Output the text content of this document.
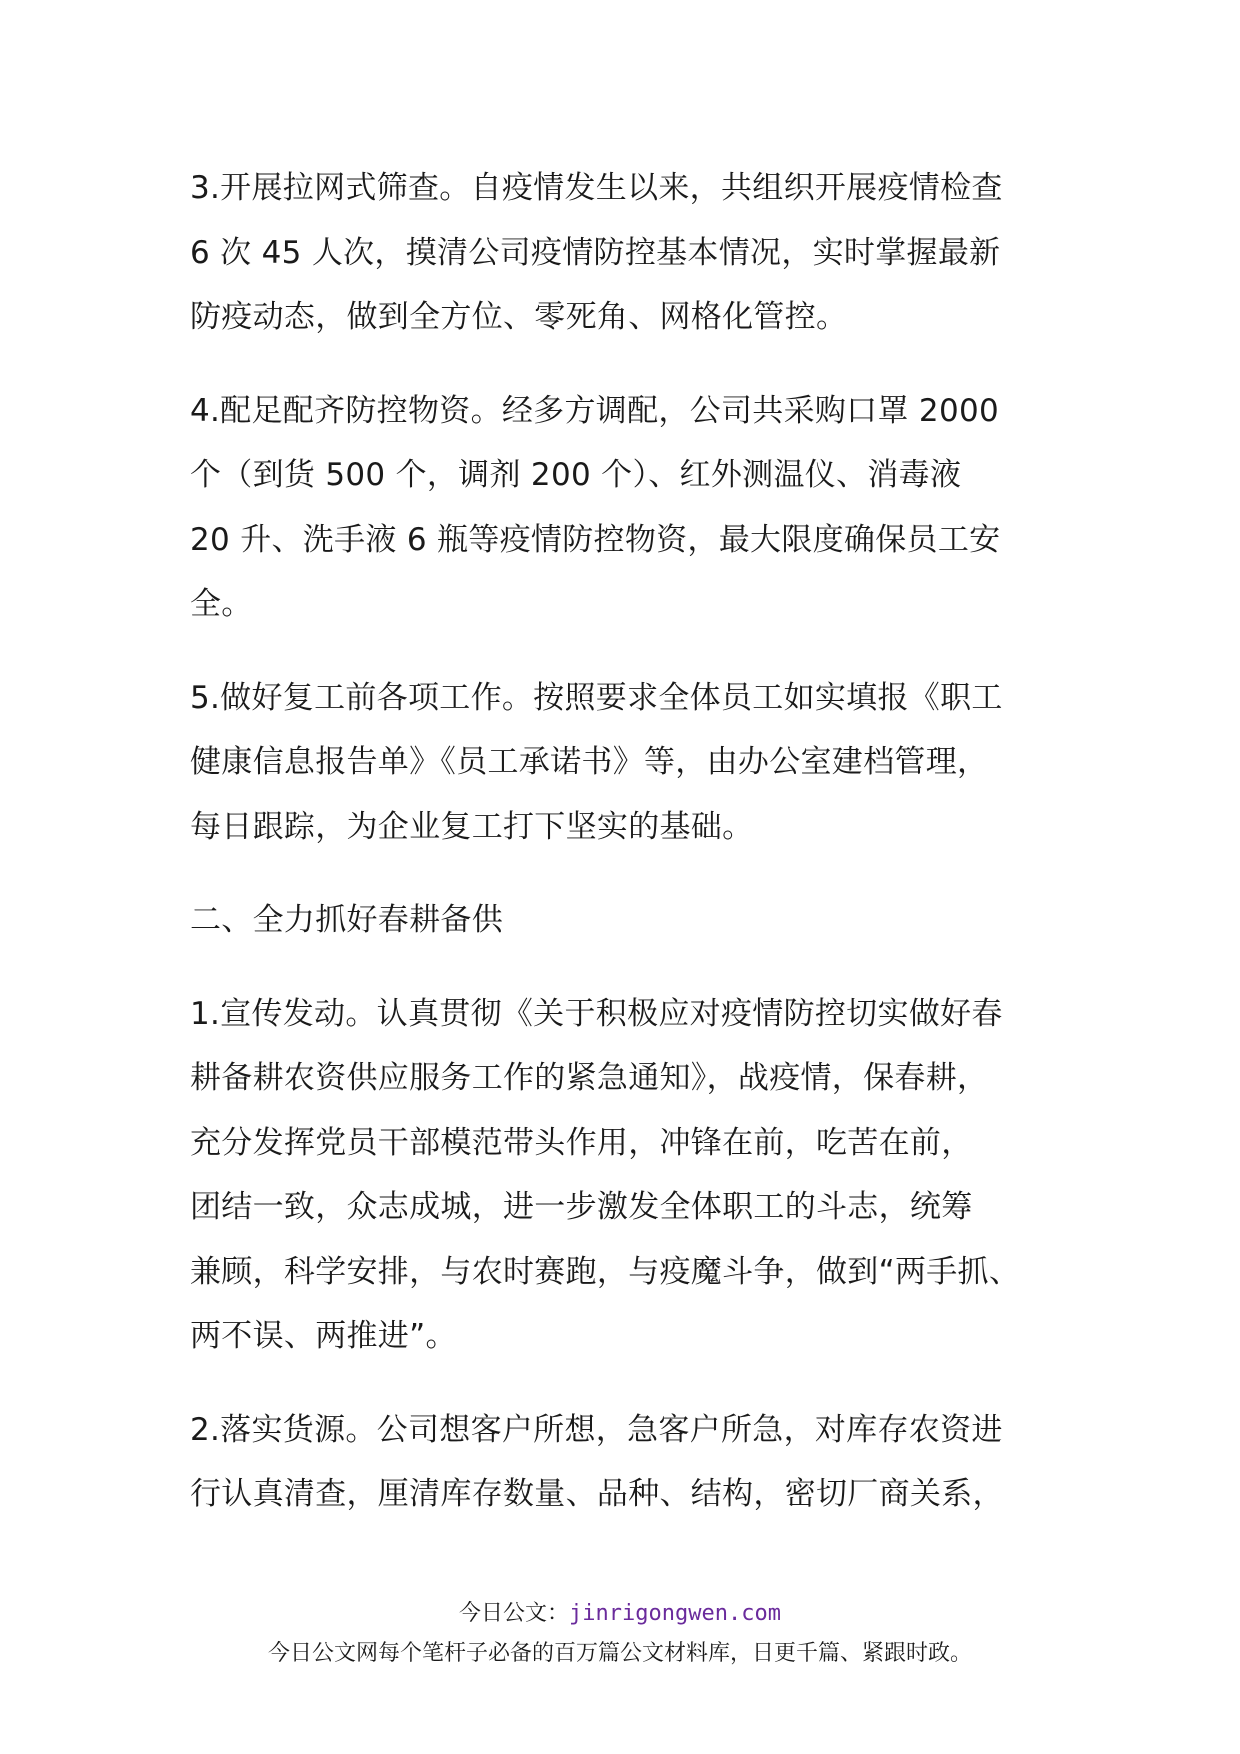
3.开展拉网式筛查。自疫情发生以来，共组织开展疫情检查
6 次 45 人次，摸清公司疫情防控基本情况，实时掌握最新
防疫动态，做到全方位、零死角、网格化管控。
4.配足配齐防控物资。经多方调配，公司共采购口罩 2000
个（到货 500 个，调剂 200 个）、红外测温仪、消毒液
20 升、洗手液 6 瓶等疫情防控物资，最大限度确保员工安
全。
5.做好复工前各项工作。按照要求全体员工如实填报《职工
健康信息报告单》《员工承诺书》等，由办公室建档管理，
每日跟踪，为企业复工打下坚实的基础。
二、全力抓好春耕备供
1.宣传发动。认真贯彻《关于积极应对疫情防控切实做好春
耕备耕农资供应服务工作的紧急通知》，战疫情，保春耕，
充分发挥党员干部模范带头作用，冲锋在前，吃苦在前，
团结一致，众志成城，进一步激发全体职工的斗志，统筹
兼顾，科学安排，与农时赛跑，与疫魔斗争，做到“两手抓、
两不误、两推进”。
2.落实货源。公司想客户所想，急客户所急，对库存农资进
行认真清查，厘清库存数量、品种、结构，密切厂商关系，
今日公文：jinrigongwen.com
今日公文网每个笔杆子必备的百万篇公文材料库，日更千篇、紧跟时政。
